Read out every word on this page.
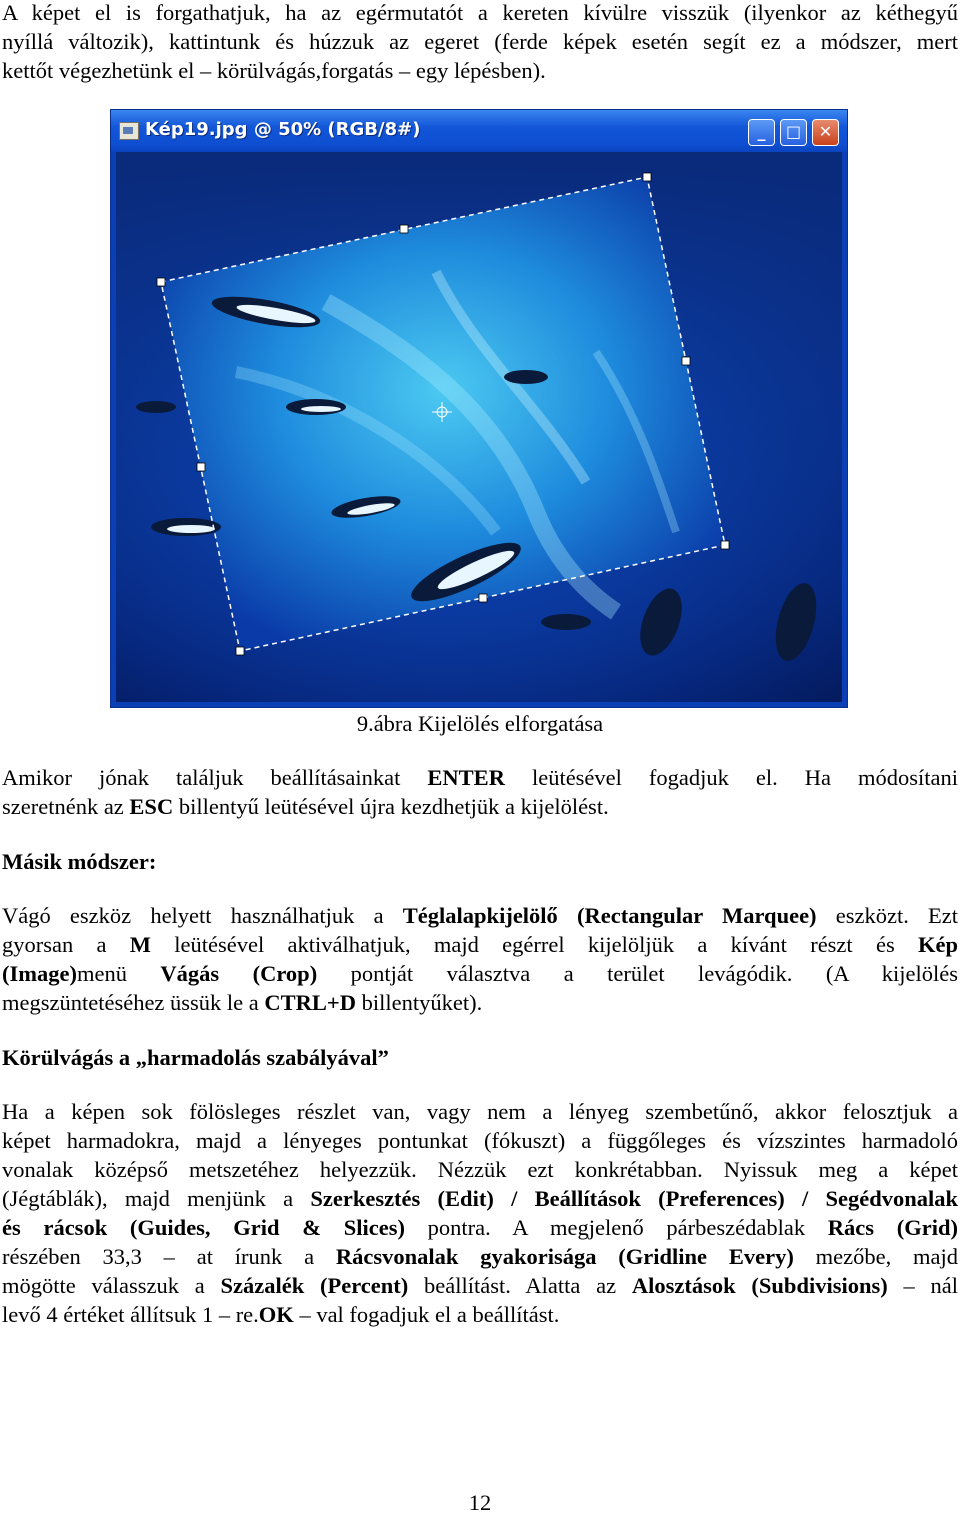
A képet el is forgathatjuk, ha az egérmutatót a kereten kívülre visszük (ilyenkor az kéthegyű
nyíllá változik), kattintunk és húzzuk az egeret (ferde képek esetén segít ez a módszer, mert
kettőt végezhetünk el – körülvágás,forgatás – egy lépésben).
Kép19.jpg @ 50% (RGB/8#)	_	□	✕
9.ábra Kijelölés elforgatása
Amikor jónak találjuk beállításainkat ENTER leütésével fogadjuk el. Ha módosítani
szeretnénk az ESC billentyű leütésével újra kezdhetjük a kijelölést.
Másik módszer:
Vágó eszköz helyett használhatjuk a Téglalapkijelölő (Rectangular Marquee) eszközt. Ezt
gyorsan a M leütésével aktiválhatjuk, majd egérrel kijelöljük a kívánt részt és Kép
(Image)menü Vágás (Crop) pontját választva a terület levágódik. (A kijelölés
megszüntetéséhez üssük le a CTRL+D billentyűket).
Körülvágás a „harmadolás szabályával”
Ha a képen sok fölösleges részlet van, vagy nem a lényeg szembetűnő, akkor felosztjuk a
képet harmadokra, majd a lényeges pontunkat (fókuszt) a függőleges és vízszintes harmadoló
vonalak középső metszetéhez helyezzük. Nézzük ezt konkrétabban. Nyissuk meg a képet
(Jégtáblák), majd menjünk a Szerkesztés (Edit) / Beállítások (Preferences) / Segédvonalak
és rácsok (Guides, Grid & Slices) pontra. A megjelenő párbeszédablak Rács (Grid)
részében 33,3 – at írunk a Rácsvonalak gyakorisága (Gridline Every) mezőbe, majd
mögötte válasszuk a Százalék (Percent) beállítást. Alatta az Alosztások (Subdivisions) – nál
levő 4 értéket állítsuk 1 – re.OK – val fogadjuk el a beállítást.
12
